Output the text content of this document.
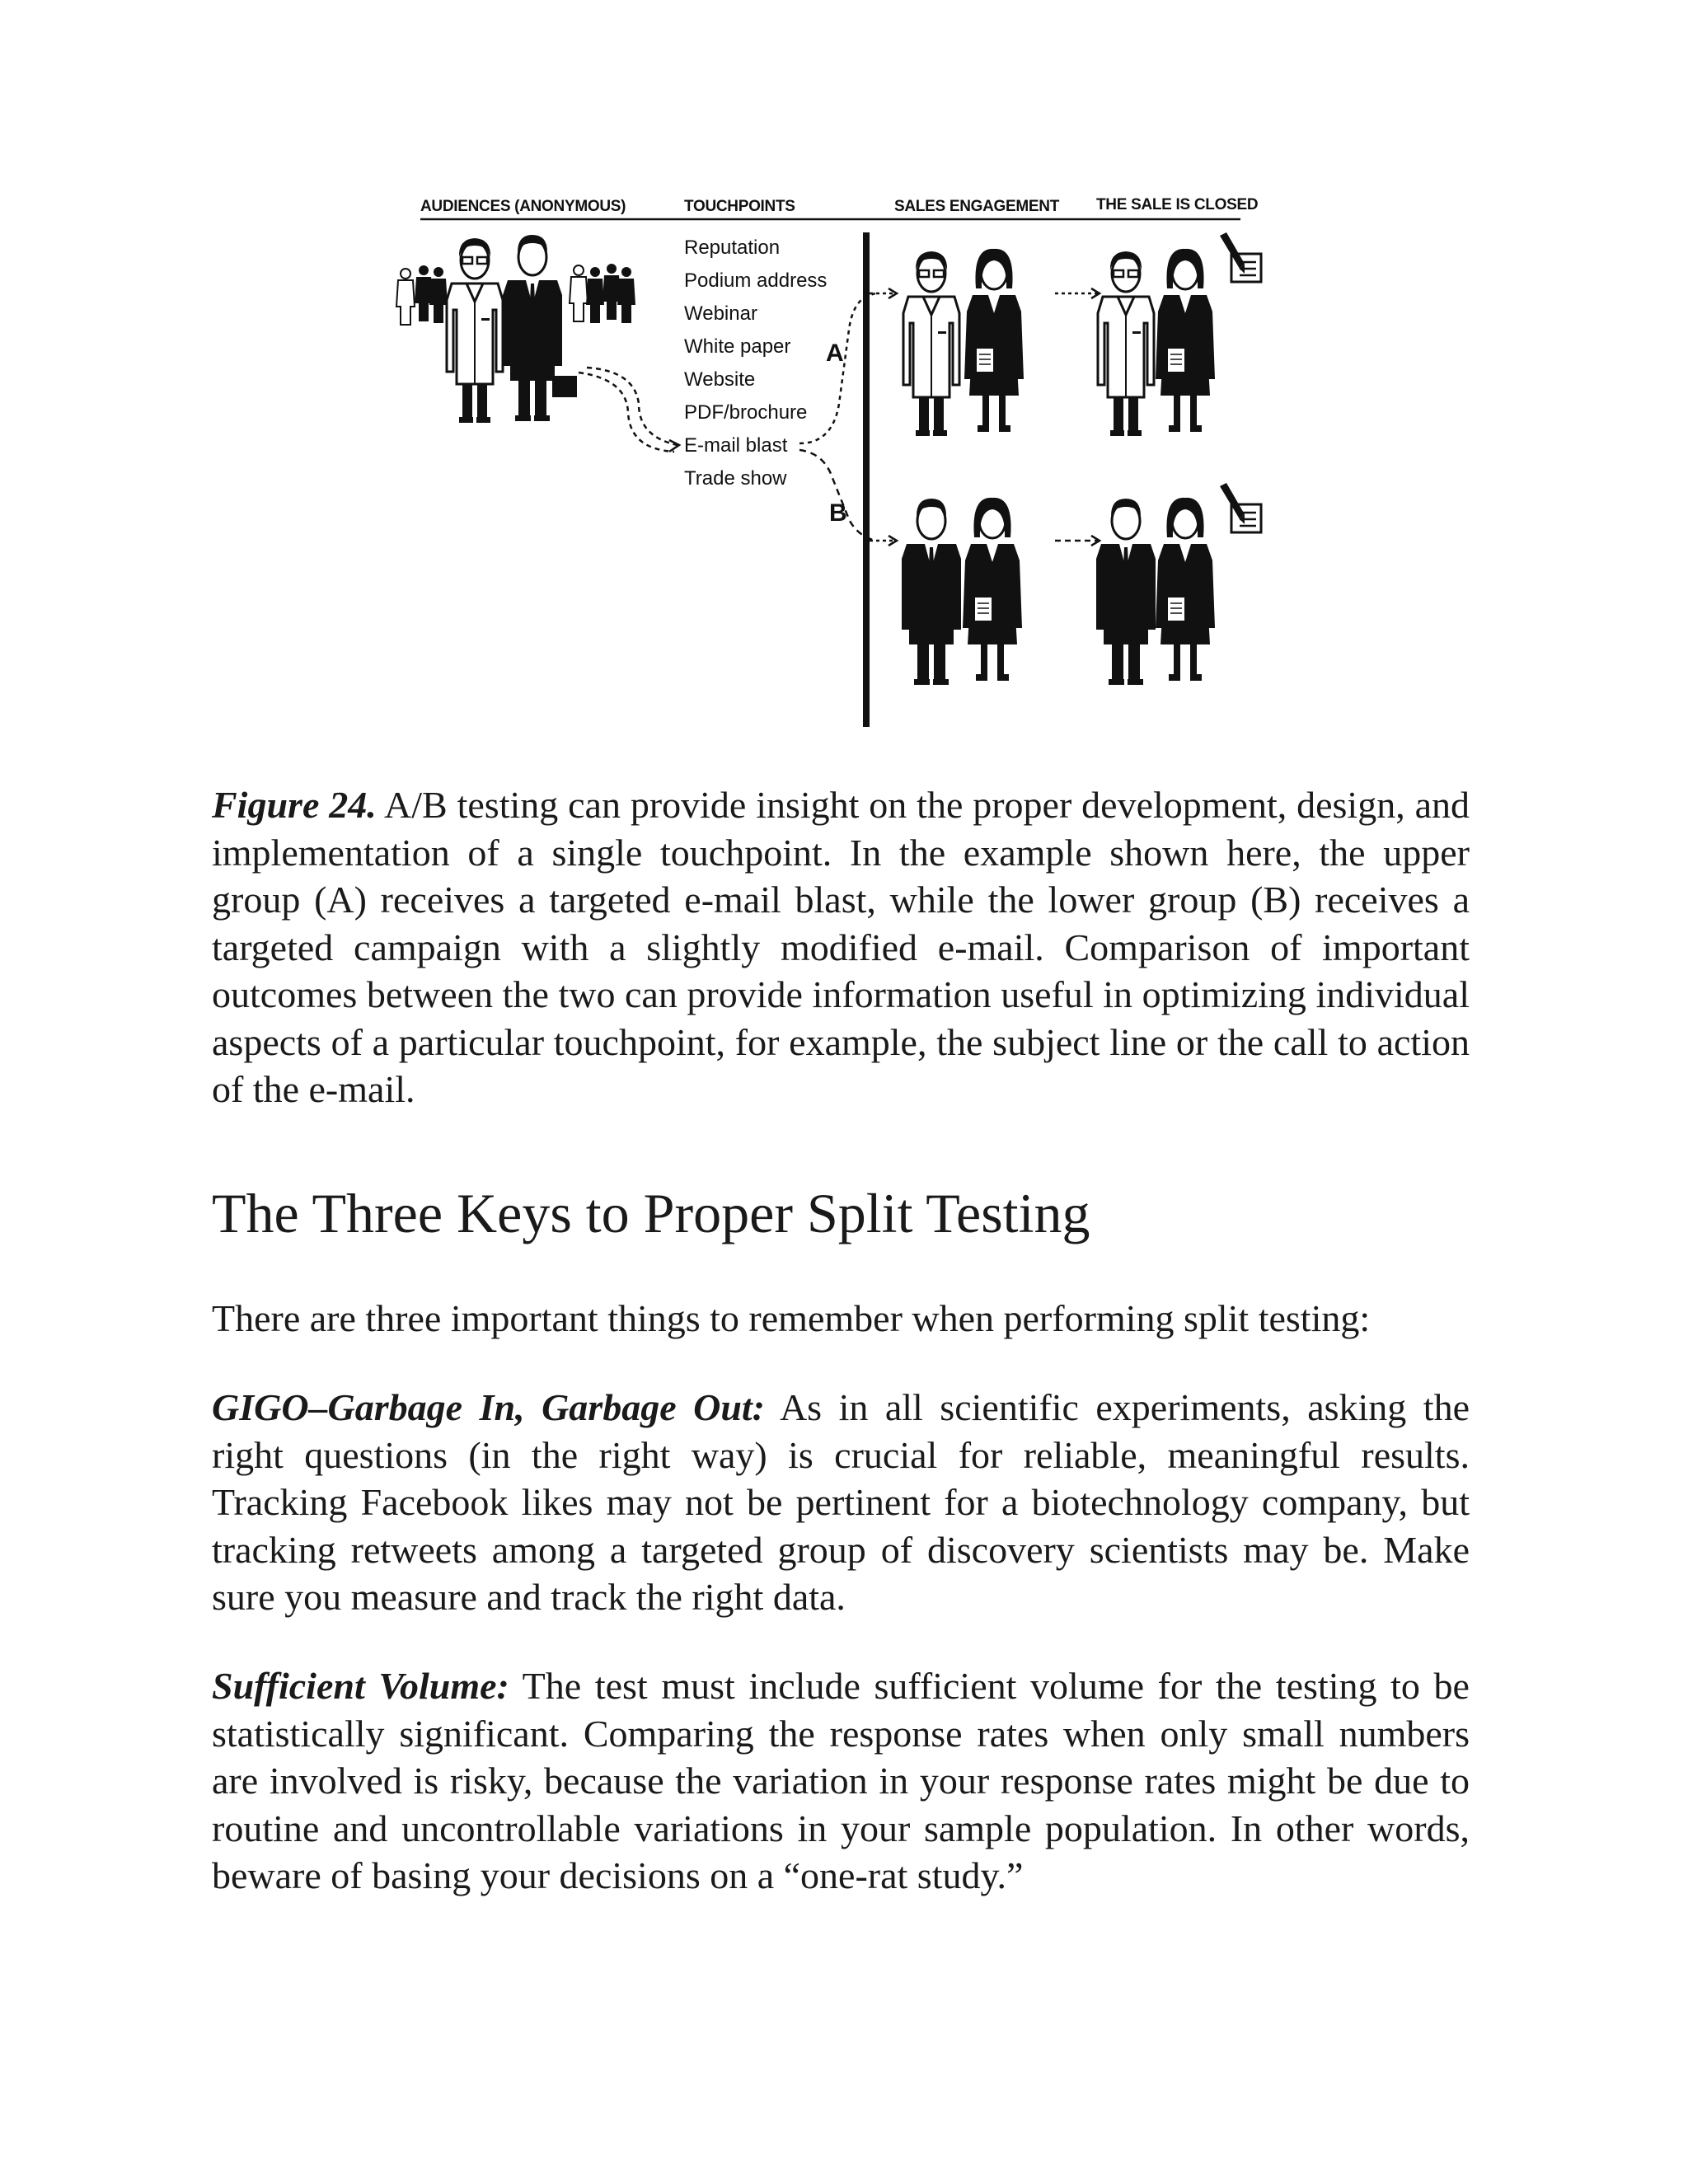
AUDIENCES (ANONYMOUS)	TOUCHPOINTS	SALES ENGAGEMENT THE SALE IS CLOSED
Reputation
Podium address
Webinar
White paper
Website
PDF/brochure
E-mail blast
Trade show
A
B

Figure 24. A/B testing can provide insight on the proper development, design, and implementation of a single touchpoint. In the example shown here, the upper group (A) receives a targeted e-mail blast, while the lower group (B) receives a targeted campaign with a slightly modified e-mail. Comparison of important outcomes between the two can provide information useful in optimizing individual aspects of a particular touchpoint, for example, the subject line or the call to action of the e-mail.

The Three Keys to Proper Split Testing

There are three important things to remember when performing split testing:

GIGO–Garbage In, Garbage Out: As in all scientific experiments, asking the right questions (in the right way) is crucial for reliable, meaningful results. Tracking Facebook likes may not be pertinent for a biotechnology company, but tracking retweets among a targeted group of discovery scientists may be. Make sure you measure and track the right data.

Sufficient Volume: The test must include sufficient volume for the testing to be statistically significant. Comparing the response rates when only small numbers are involved is risky, because the variation in your response rates might be due to routine and uncontrollable variations in your sample population. In other words, beware of basing your decisions on a “one-rat study.”
